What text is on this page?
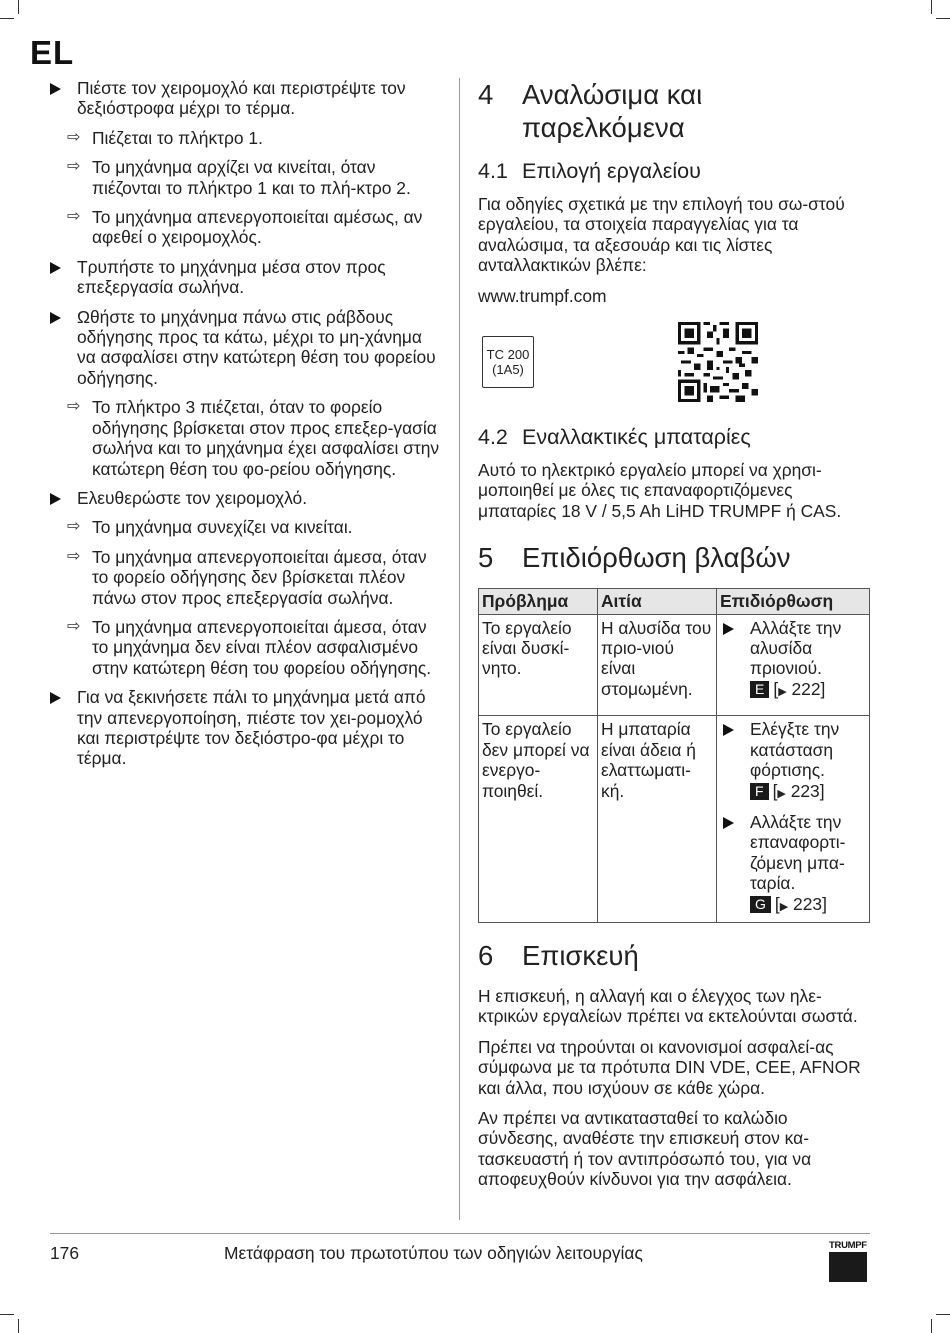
EL
Πιέστε τον χειρομοχλό και περιστρέψτε τον δεξιόστροφα μέχρι το τέρμα.
⇨ Πιέζεται το πλήκτρο 1.
⇨ Το μηχάνημα αρχίζει να κινείται, όταν πιέζονται το πλήκτρο 1 και το πλή-κτρο 2.
⇨ Το μηχάνημα απενεργοποιείται αμέσως, αν αφεθεί ο χειρομοχλός.
Τρυπήστε το μηχάνημα μέσα στον προς επεξεργασία σωλήνα.
Ωθήστε το μηχάνημα πάνω στις ράβδους οδήγησης προς τα κάτω, μέχρι το μη-χάνημα να ασφαλίσει στην κατώτερη θέση του φορείου οδήγησης.
⇨ Το πλήκτρο 3 πιέζεται, όταν το φορείο οδήγησης βρίσκεται στον προς επεξερ-γασία σωλήνα και το μηχάνημα έχει ασφαλίσει στην κατώτερη θέση του φο-ρείου οδήγησης.
Ελευθερώστε τον χειρομοχλό.
⇨ Το μηχάνημα συνεχίζει να κινείται.
⇨ Το μηχάνημα απενεργοποιείται άμεσα, όταν το φορείο οδήγησης δεν βρίσκεται πλέον πάνω στον προς επεξεργασία σωλήνα.
⇨ Το μηχάνημα απενεργοποιείται άμεσα, όταν το μηχάνημα δεν είναι πλέον ασφαλισμένο στην κατώτερη θέση του φορείου οδήγησης.
Για να ξεκινήσετε πάλι το μηχάνημα μετά από την απενεργοποίηση, πιέστε τον χει-ρομοχλό και περιστρέψτε τον δεξιόστρο-φα μέχρι το τέρμα.
4	Αναλώσιμα και παρελκόμενα
4.1 Επιλογή εργαλείου

Για οδηγίες σχετικά με την επιλογή του σω-στού εργαλείου, τα στοιχεία παραγγελίας για τα αναλώσιμα, τα αξεσουάρ και τις λίστες ανταλλακτικών βλέπε:

www.trumpf.com

TC 200
(1A5)
4.2 Εναλλακτικές μπαταρίες

Αυτό το ηλεκτρικό εργαλείο μπορεί να χρησι-μοποιηθεί με όλες τις επαναφορτιζόμενες μπαταρίες 18 V / 5,5 Ah LiHD TRUMPF ή CAS.

5	Επιδιόρθωση βλαβών
Πρόβλημα	Αιτία	Επιδιόρθωση
Το εργαλείο είναι δυσκί-νητο.	Η αλυσίδα του πριο-νιού είναι στομωμένη.	Αλλάξτε την αλυσίδα πριονιού.
E [▶ 222]

Το εργαλείο δεν μπορεί να ενεργο-ποιηθεί.	Η μπαταρία είναι άδεια ή ελαττωματι-κή.	Ελέγξτε την κατάσταση φόρτισης.
F [▶ 223]
Αλλάξτε την επαναφορτι-ζόμενη μπα-ταρία.
G [▶ 223]
6	Επισκευή

Η επισκευή, η αλλαγή και ο έλεγχος των ηλε-κτρικών εργαλείων πρέπει να εκτελούνται σωστά.

Πρέπει να τηρούνται οι κανονισμοί ασφαλεί-ας σύμφωνα με τα πρότυπα DIN VDE, CEE, AFNOR και άλλα, που ισχύουν σε κάθε χώρα.

Αν πρέπει να αντικατασταθεί το καλώδιο σύνδεσης, αναθέστε την επισκευή στον κα-τασκευαστή ή τον αντιπρόσωπό του, για να αποφευχθούν κίνδυνοι για την ασφάλεια.

176	Μετάφραση του πρωτοτύπου των οδηγιών λειτουργίας	TRUMPF
